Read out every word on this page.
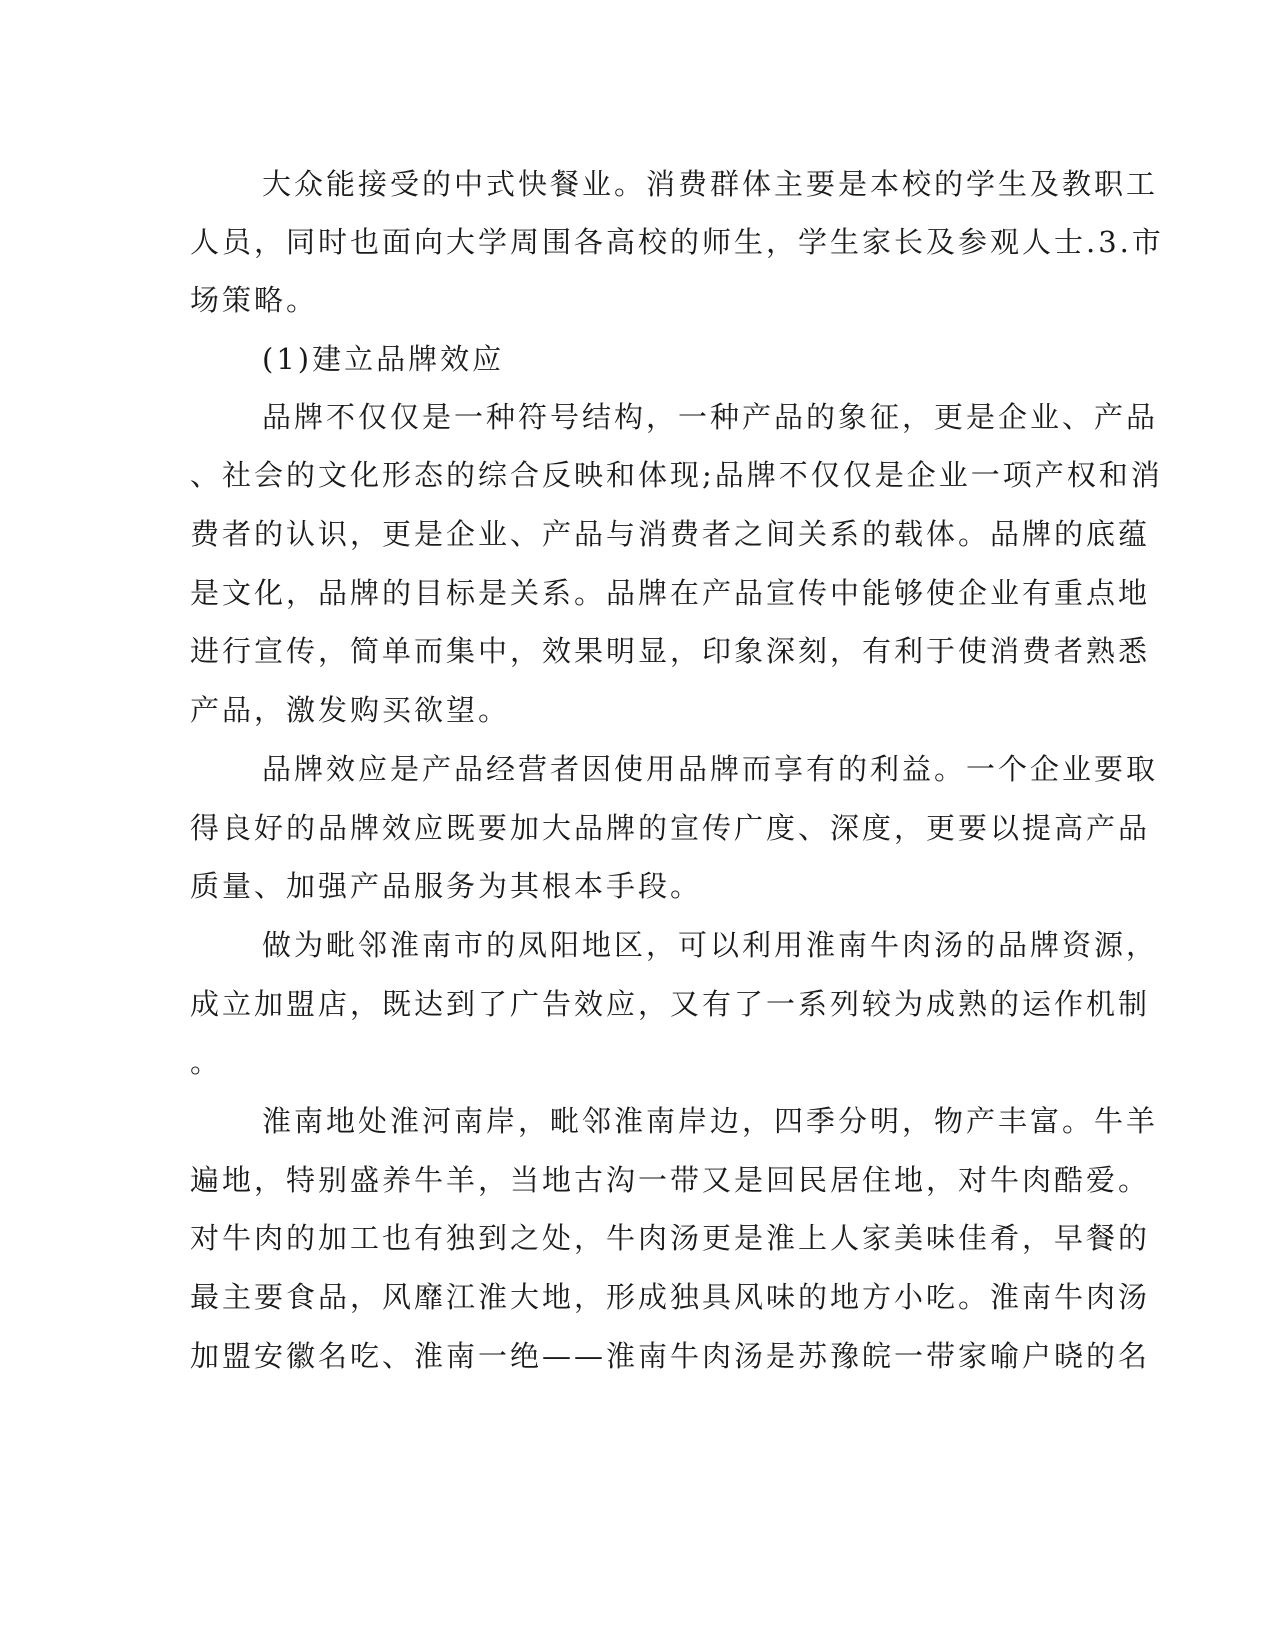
大众能接受的中式快餐业。消费群体主要是本校的学生及教职工
人员，同时也面向大学周围各高校的师生，学生家长及参观人士.3.市
场策略。
(1)建立品牌效应
品牌不仅仅是一种符号结构，一种产品的象征，更是企业、产品
、社会的文化形态的综合反映和体现;品牌不仅仅是企业一项产权和消
费者的认识，更是企业、产品与消费者之间关系的载体。品牌的底蕴
是文化，品牌的目标是关系。品牌在产品宣传中能够使企业有重点地
进行宣传，简单而集中，效果明显，印象深刻，有利于使消费者熟悉
产品，激发购买欲望。
品牌效应是产品经营者因使用品牌而享有的利益。一个企业要取
得良好的品牌效应既要加大品牌的宣传广度、深度，更要以提高产品
质量、加强产品服务为其根本手段。
做为毗邻淮南市的凤阳地区，可以利用淮南牛肉汤的品牌资源，
成立加盟店，既达到了广告效应，又有了一系列较为成熟的运作机制
。
淮南地处淮河南岸，毗邻淮南岸边，四季分明，物产丰富。牛羊
遍地，特别盛养牛羊，当地古沟一带又是回民居住地，对牛肉酷爱。
对牛肉的加工也有独到之处，牛肉汤更是淮上人家美味佳肴，早餐的
最主要食品，风靡江淮大地，形成独具风味的地方小吃。淮南牛肉汤
加盟安徽名吃、淮南一绝——淮南牛肉汤是苏豫皖一带家喻户晓的名
